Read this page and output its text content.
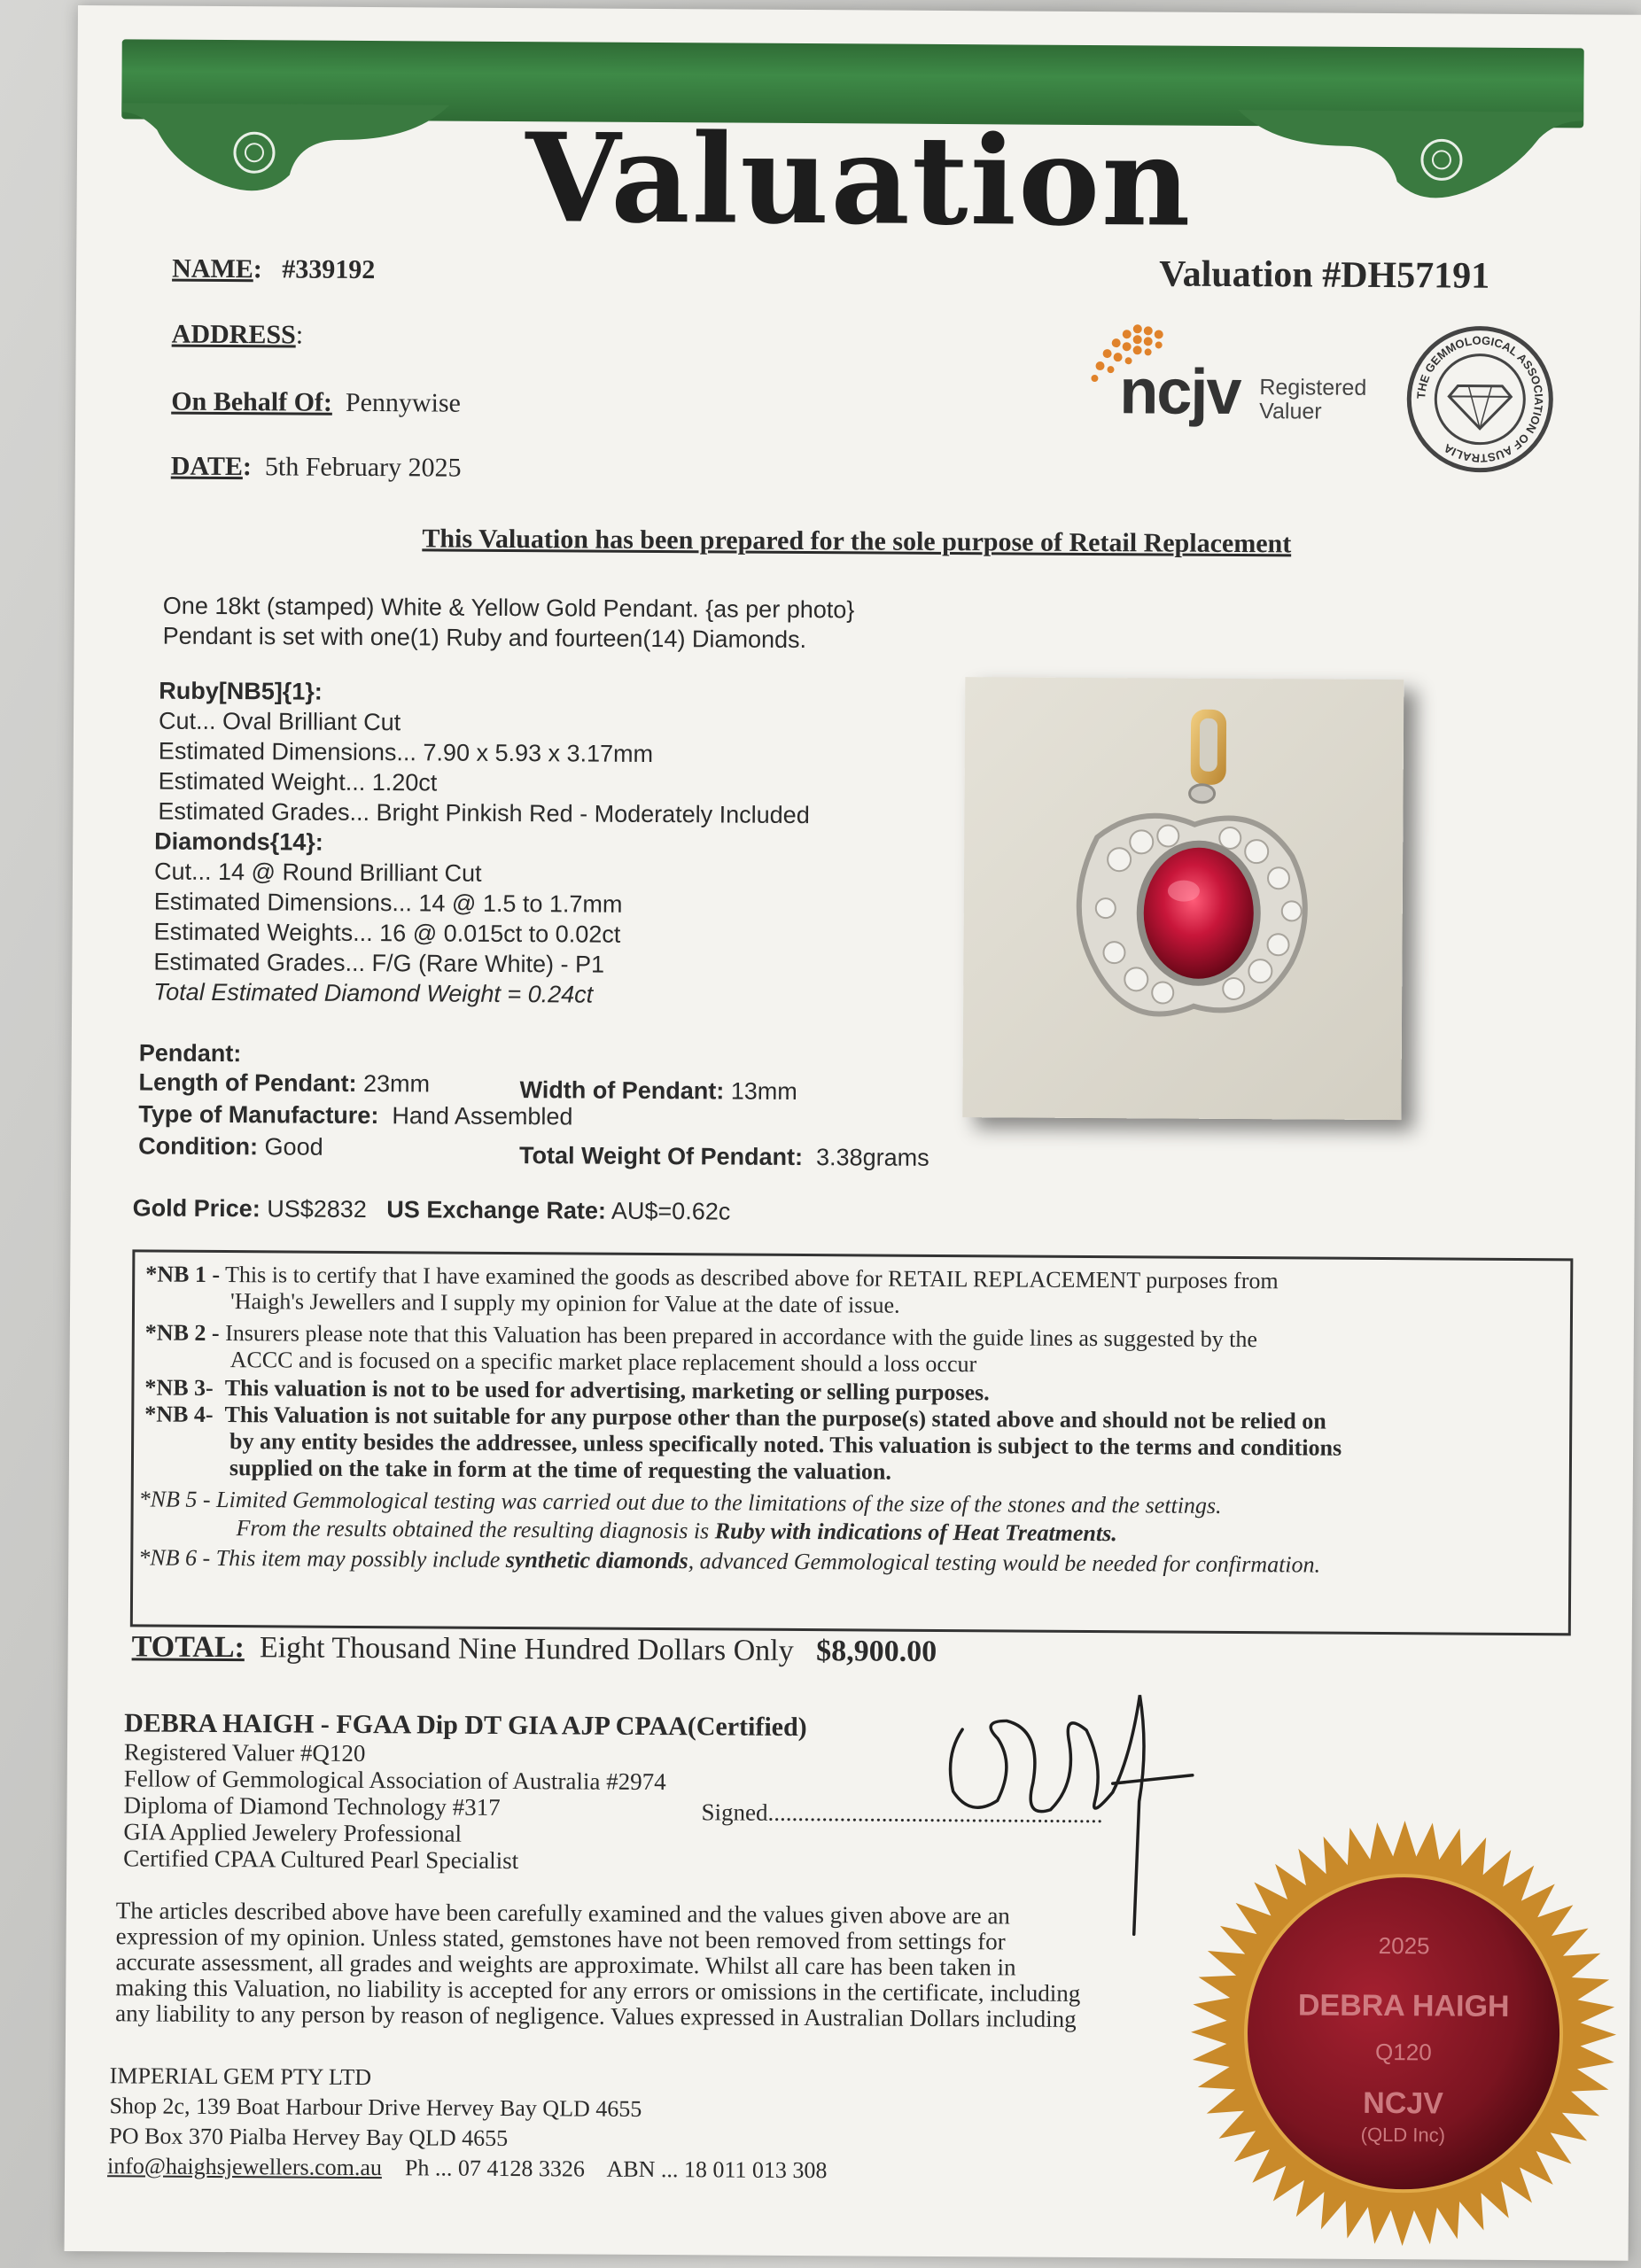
Valuation
NAME:   #339192	Valuation #DH57191
ADDRESS:
On Behalf Of: Pennywise
DATE:  5th February 2025
ncjv Registered
Valuer
THE GEMMOLOGICAL ASSOCIATION OF AUSTRALIA
This Valuation has been prepared for the sole purpose of Retail Replacement
One 18kt (stamped) White & Yellow Gold Pendant. {as per photo}
Pendant is set with one(1) Ruby and fourteen(14) Diamonds.
Ruby[NB5]{1}:
Cut... Oval Brilliant Cut
Estimated Dimensions... 7.90 x 5.93 x 3.17mm
Estimated Weight... 1.20ct
Estimated Grades... Bright Pinkish Red - Moderately Included
Diamonds{14}:
Cut... 14 @ Round Brilliant Cut
Estimated Dimensions... 14 @ 1.5 to 1.7mm
Estimated Weights... 16 @ 0.015ct to 0.02ct
Estimated Grades... F/G (Rare White) - P1
Total Estimated Diamond Weight = 0.24ct
Pendant:
Length of Pendant: 23mm	Width of Pendant: 13mm
Type of Manufacture: Hand Assembled
Condition: Good	Total Weight Of Pendant: 3.38grams
Gold Price: US$2832 US Exchange Rate: AU$=0.62c
*NB 1 - This is to certify that I have examined the goods as described above for RETAIL REPLACEMENT purposes from
'Haigh's Jewellers and I supply my opinion for Value at the date of issue.
*NB 2 - Insurers please note that this Valuation has been prepared in accordance with the guide lines as suggested by the
ACCC and is focused on a specific market place replacement should a loss occur
*NB 3- This valuation is not to be used for advertising, marketing or selling purposes.
*NB 4- This Valuation is not suitable for any purpose other than the purpose(s) stated above and should not be relied on
by any entity besides the addressee, unless specifically noted. This valuation is subject to the terms and conditions
supplied on the take in form at the time of requesting the valuation.
*NB 5 - Limited Gemmological testing was carried out due to the limitations of the size of the stones and the settings.
From the results obtained the resulting diagnosis is Ruby with indications of Heat Treatments.
*NB 6 - This item may possibly include synthetic diamonds, advanced Gemmological testing would be needed for confirmation.
TOTAL: Eight Thousand Nine Hundred Dollars Only $8,900.00
DEBRA HAIGH - FGAA Dip DT GIA AJP CPAA(Certified)
Registered Valuer #Q120
Fellow of Gemmological Association of Australia #2974
Diploma of Diamond Technology #317
GIA Applied Jewelery Professional
Certified CPAA Cultured Pearl Specialist
Signed........................................................
The articles described above have been carefully examined and the values given above are an
expression of my opinion. Unless stated, gemstones have not been removed from settings for
accurate assessment, all grades and weights are approximate. Whilst all care has been taken in
making this Valuation, no liability is accepted for any errors or omissions in the certificate, including
any liability to any person by reason of negligence. Values expressed in Australian Dollars including
IMPERIAL GEM PTY LTD
Shop 2c, 139 Boat Harbour Drive Hervey Bay QLD 4655
PO Box 370 Pialba Hervey Bay QLD 4655
info@haighsjewellers.com.au Ph ... 07 4128 3326 ABN ... 18 011 013 308
2025
DEBRA HAIGH
Q120
NCJV
(QLD Inc)
